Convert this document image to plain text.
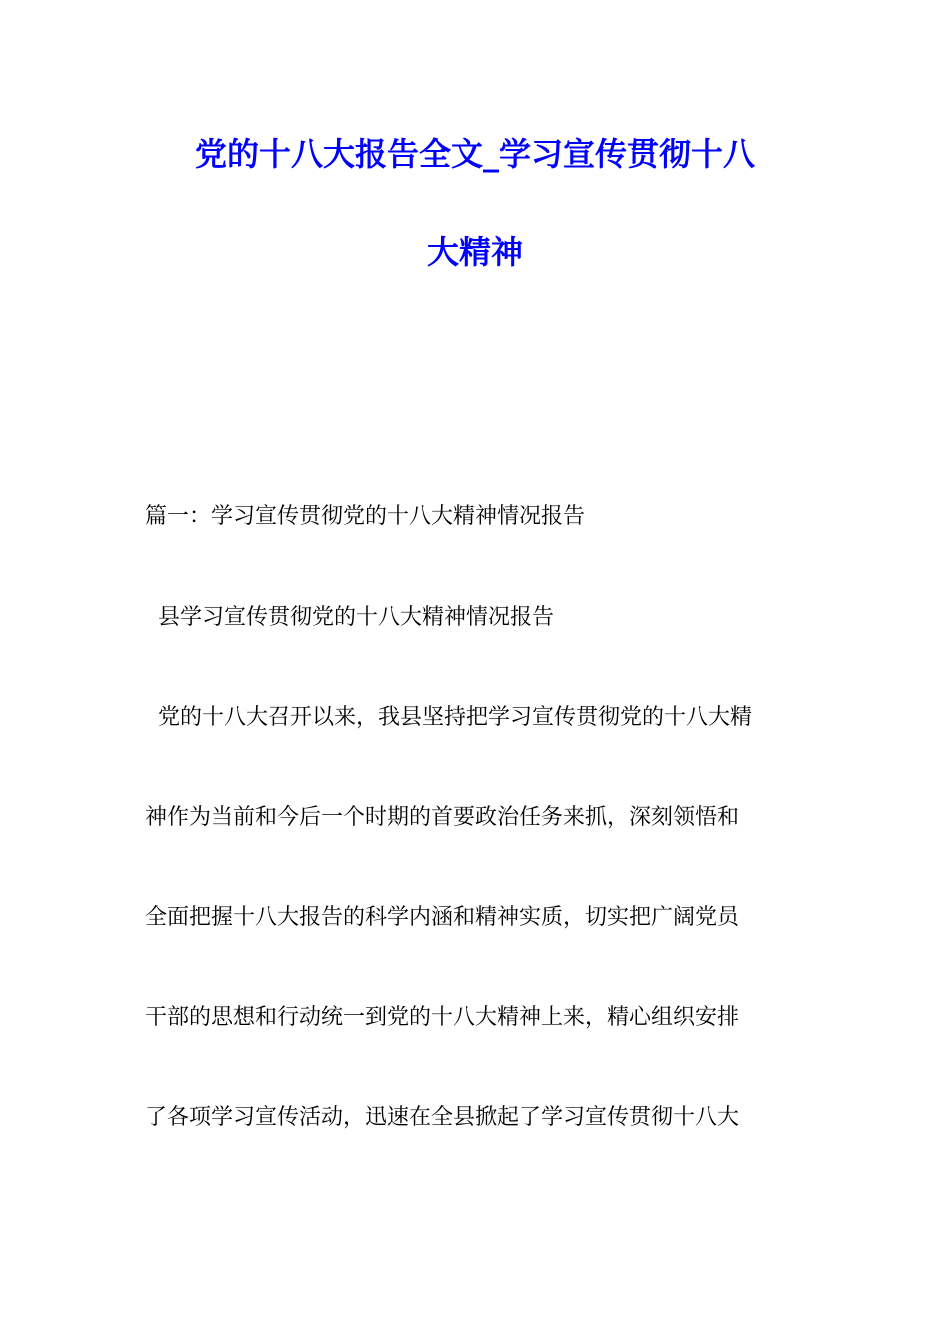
党的十八大报告全文_学习宣传贯彻十八
大精神
篇一：学习宣传贯彻党的十八大精神情况报告
县学习宣传贯彻党的十八大精神情况报告
党的十八大召开以来，我县坚持把学习宣传贯彻党的十八大精
神作为当前和今后一个时期的首要政治任务来抓，深刻领悟和
全面把握十八大报告的科学内涵和精神实质，切实把广阔党员
干部的思想和行动统一到党的十八大精神上来，精心组织安排
了各项学习宣传活动，迅速在全县掀起了学习宣传贯彻十八大
